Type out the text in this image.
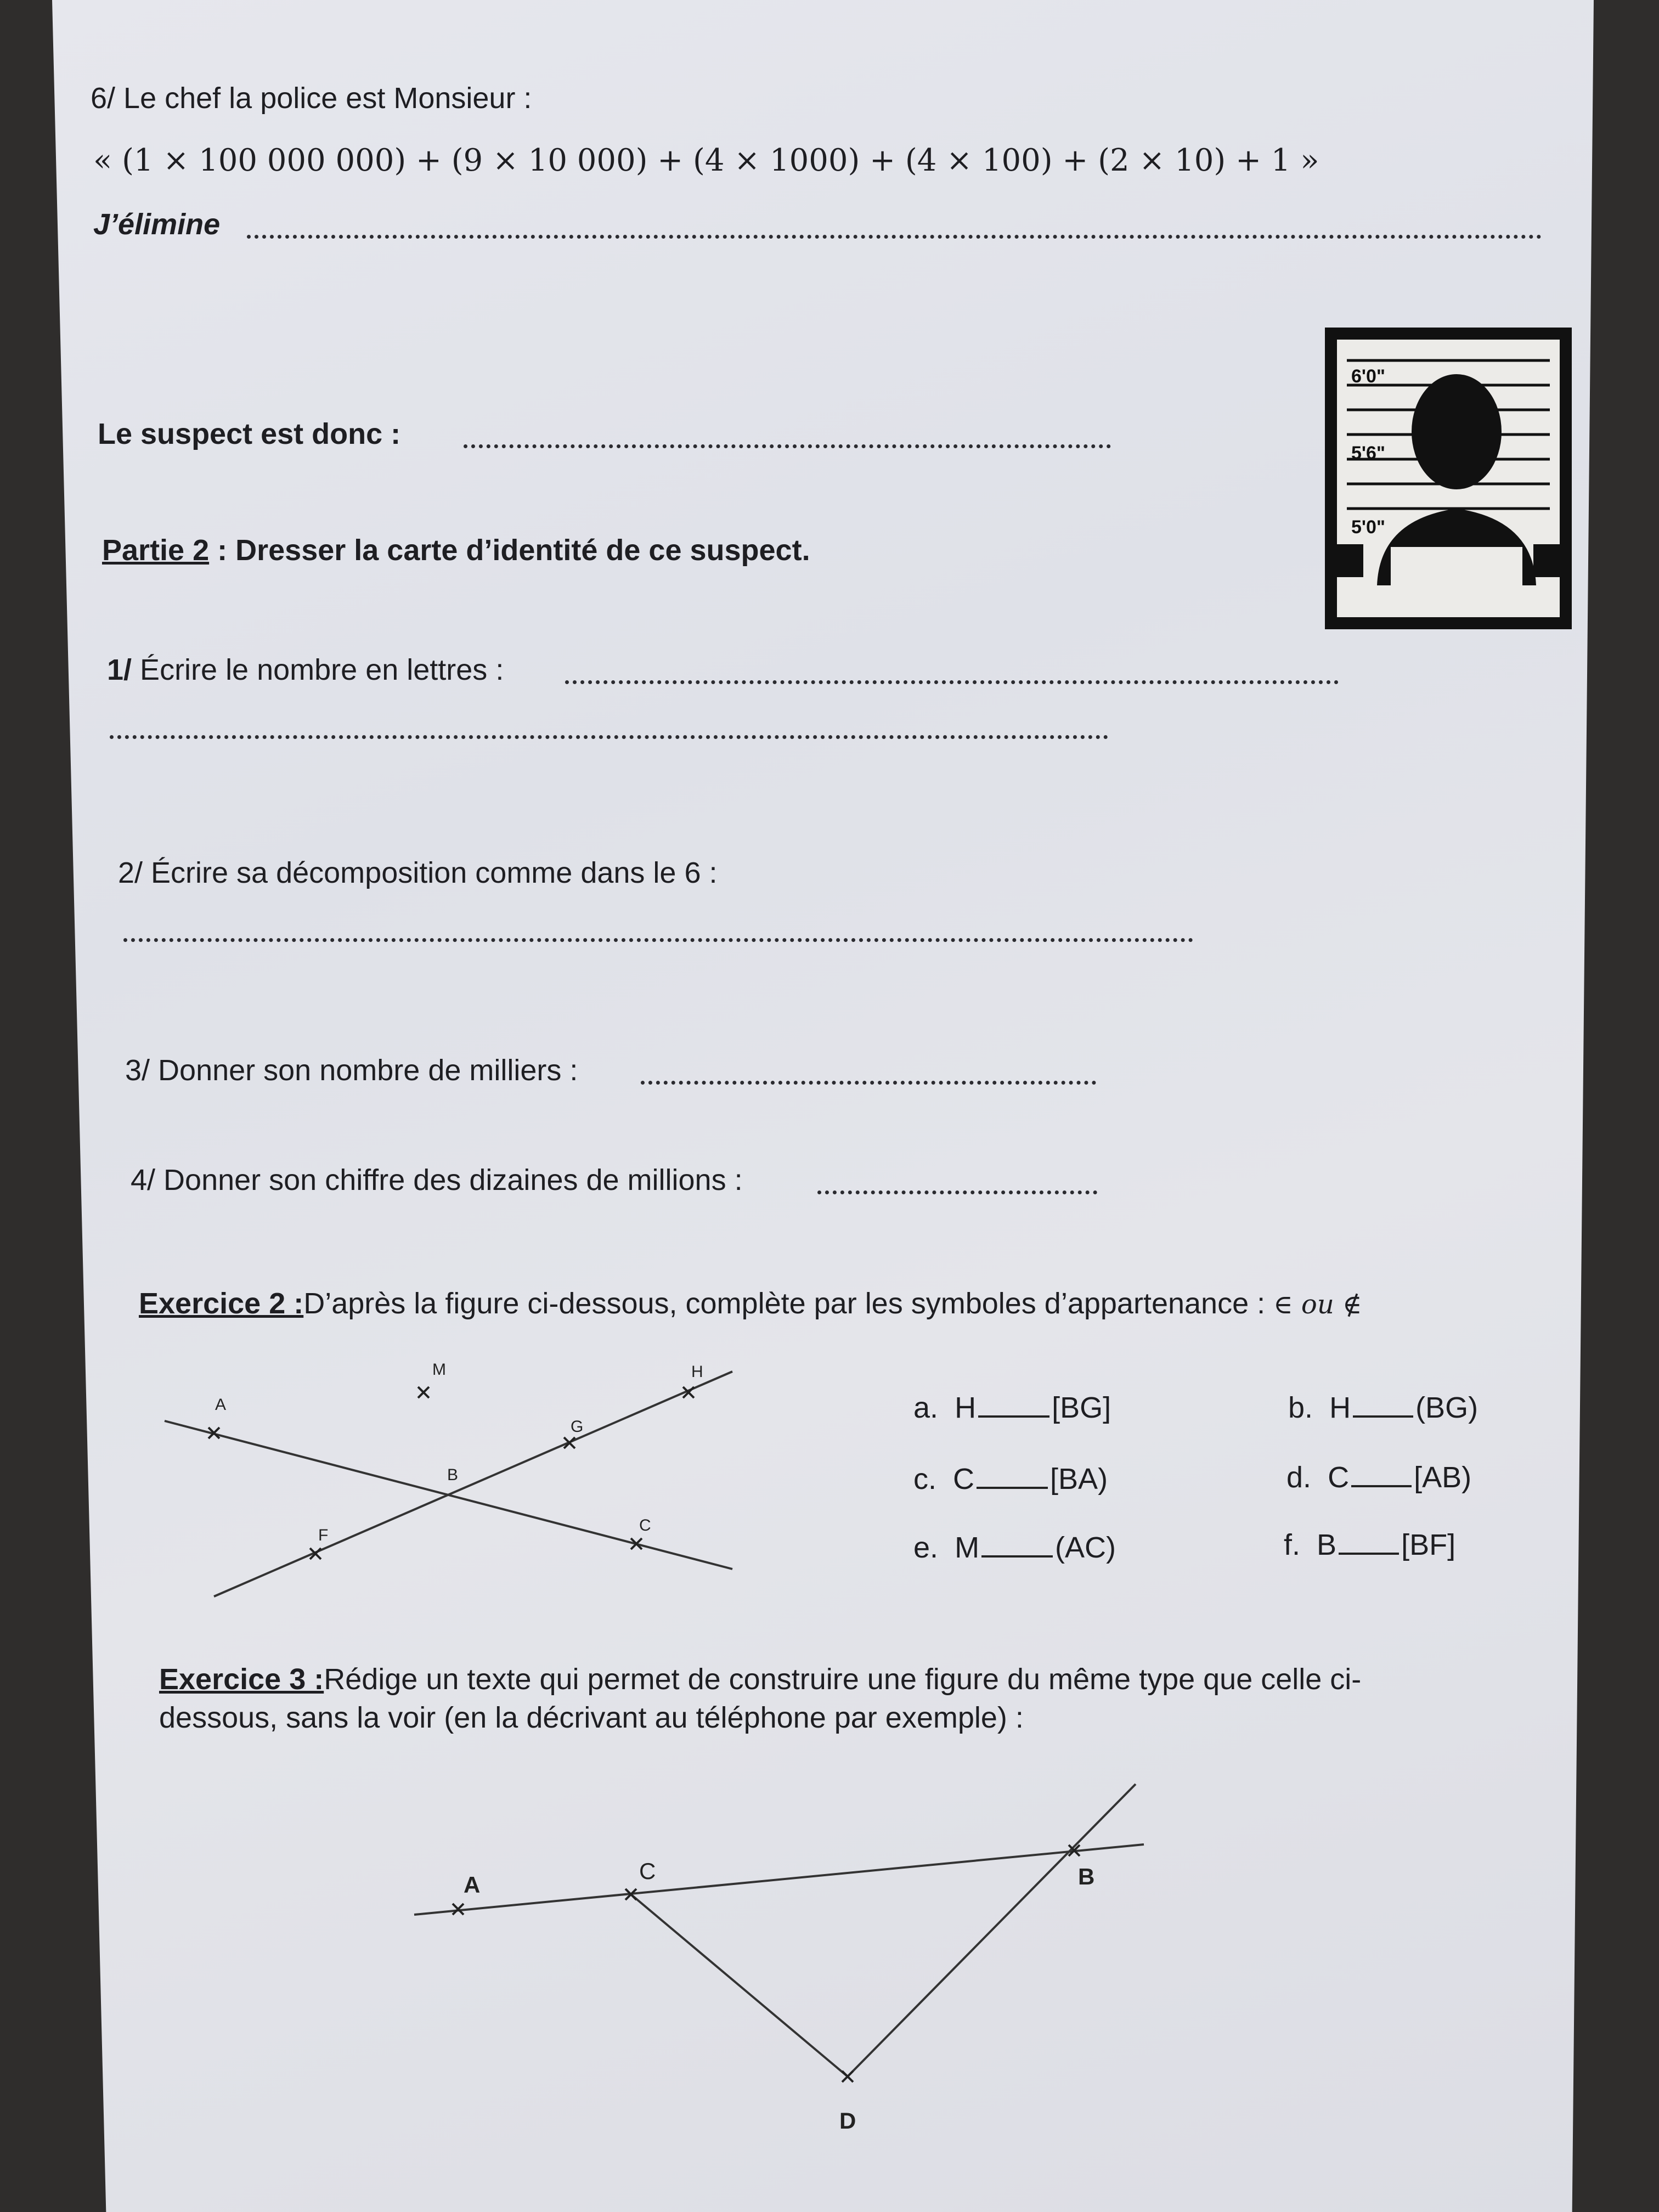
6/ Le chef la police est Monsieur :
« (1 × 100 000 000) + (9 × 10 000) + (4 × 1000) + (4 × 100) + (2 × 10) + 1 »
J’élimine
Le suspect est donc :
6'0"
5'6"
5'0"
Partie 2 : Dresser la carte d’identité de ce suspect.
1/ Écrire le nombre en lettres :
2/ Écrire sa décomposition comme dans le 6 :
3/ Donner son nombre de milliers :
4/ Donner son chiffre des dizaines de millions :
Exercice 2 :D’après la figure ci-dessous, complète par les symboles d’appartenance : ∈ ou ∉
M
A
H
G
B
C
F
a. H	[BG]	b. H (BG)
c. C	[BA)	d. C [AB)
e. M	(AC)	f. B [BF]
Exercice 3 :Rédige un texte qui permet de construire une figure du même type que celle ci-
dessous, sans la voir (en la décrivant au téléphone par exemple) :
A
C	B
D
